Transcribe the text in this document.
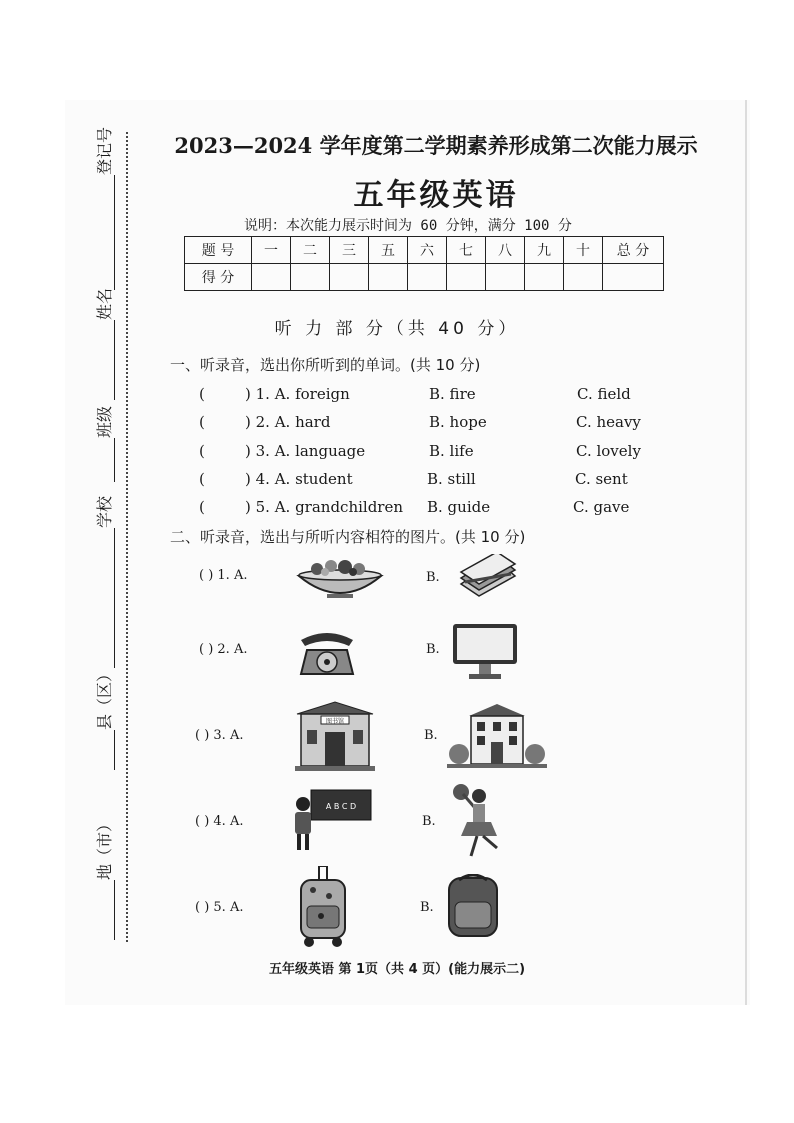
登记号
姓名
班级
学校
县（区）
地（市）
2023—2024 学年度第二学期素养形成第二次能力展示
五年级英语
说明：本次能力展示时间为 60 分钟，满分 100 分
题 号	一	二	三	五	六	七	八	九	十	总 分
得 分										
听 力 部 分（共 40 分）
一、听录音，选出你所听到的单词。(共 10 分)
(	) 1. A. foreign	B. fire	C. field
(	) 2. A. hard	B. hope	C. heavy
(	) 3. A. language	B. life	C. lovely
(	) 4. A. student	B. still	C. sent
(	) 5. A. grandchildren B. guide	C. gave
二、听录音，选出与所听内容相符的图片。(共 10 分)
( ) 1. A.	B.
( ) 2. A.	B.
( ) 3. A.
图书馆
B.
( ) 4. A.
A B C D
B.
( ) 5. A.	B.
五年级英语 第 1页（共 4 页）(能力展示二)
